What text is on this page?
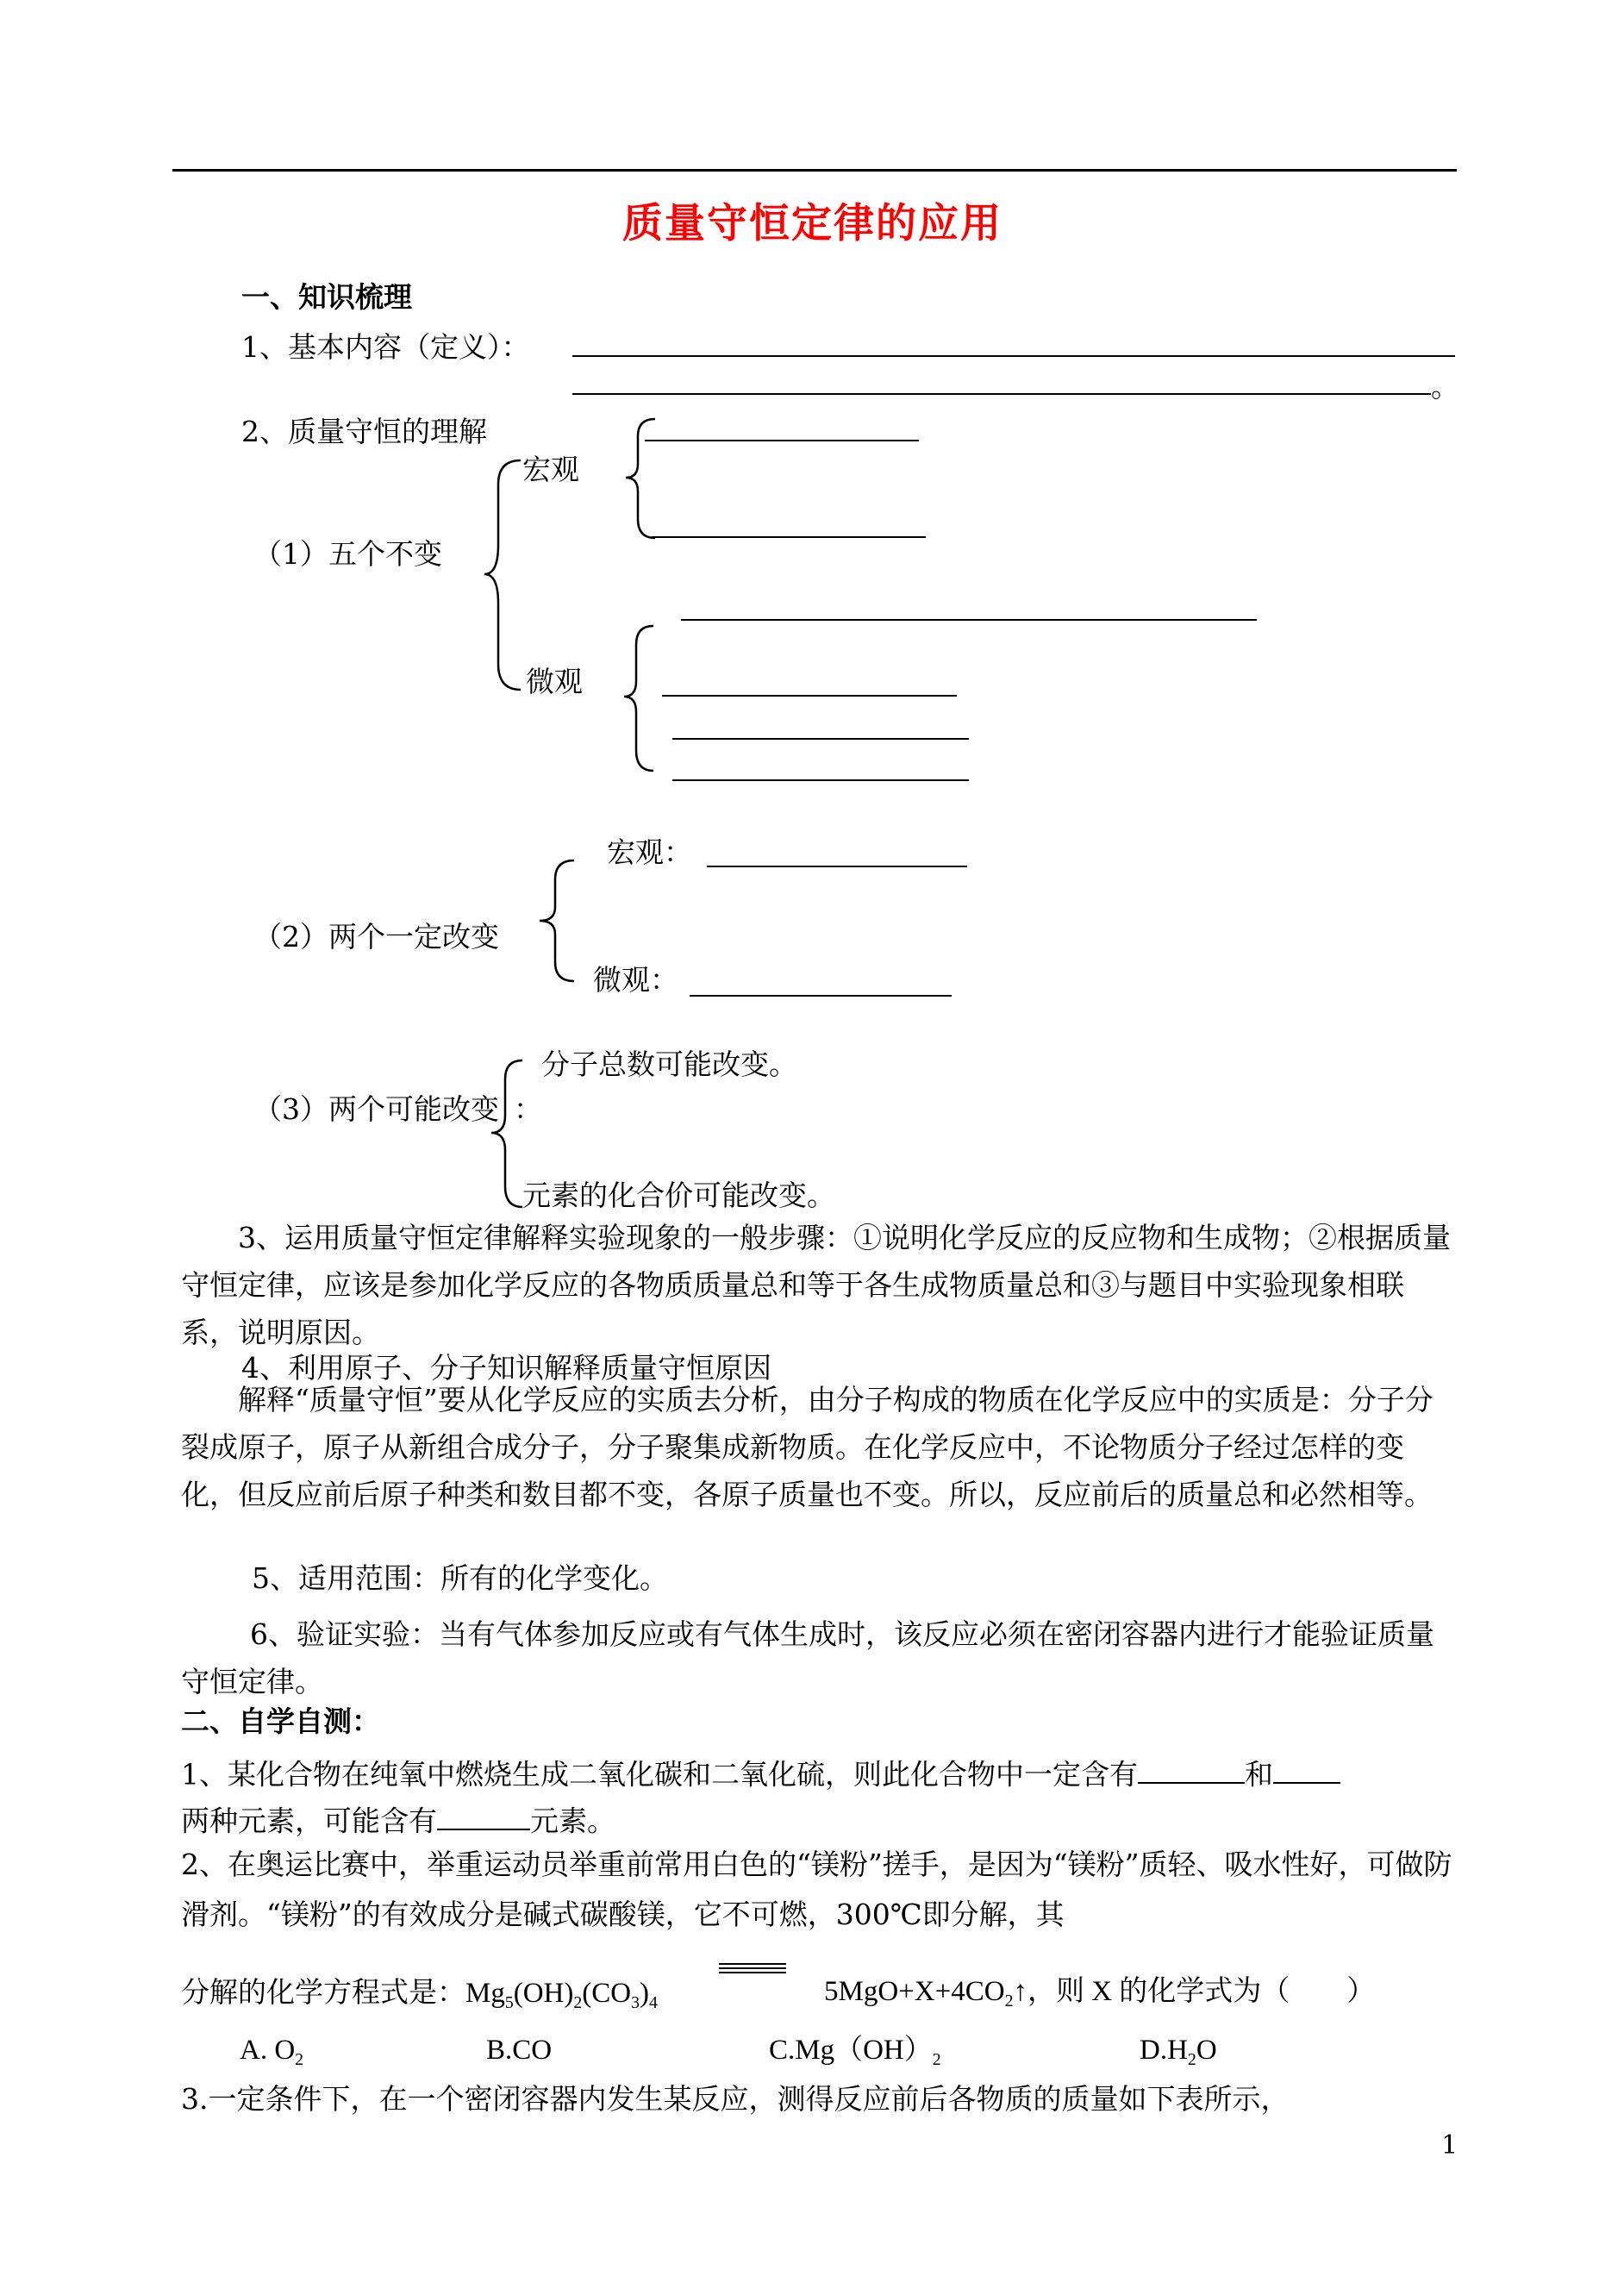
质量守恒定律的应用
一、知识梳理
1、基本内容（定义）：
。
2、质量守恒的理解
（1）五个不变
宏观
微观
宏观：
（2）两个一定改变
微观：
分子总数可能改变。
（3）两个可能改变 ：
元素的化合价可能改变。
3、运用质量守恒定律解释实验现象的一般步骤：①说明化学反应的反应物和生成物；②根据质量守恒定律，应该是参加化学反应的各物质质量总和等于各生成物质量总和③与题目中实验现象相联系，说明原因。
4、利用原子、分子知识解释质量守恒原因
解释“质量守恒”要从化学反应的实质去分析，由分子构成的物质在化学反应中的实质是：分子分裂成原子，原子从新组合成分子，分子聚集成新物质。在化学反应中，不论物质分子经过怎样的变化，但反应前后原子种类和数目都不变，各原子质量也不变。所以，反应前后的质量总和必然相等。
5、适用范围：所有的化学变化。
6、验证实验：当有气体参加反应或有气体生成时，该反应必须在密闭容器内进行才能验证质量守恒定律。
二、自学自测：
1、某化合物在纯氧中燃烧生成二氧化碳和二氧化硫，则此化合物中一定含有	和
两种元素，可能含有	元素。
2、在奥运比赛中，举重运动员举重前常用白色的“镁粉”搓手，是因为“镁粉”质轻、吸水性好，可做防滑剂。“镁粉”的有效成分是碱式碳酸镁，它不可燃，300℃即分解，其
分解的化学方程式是：$Mg_5(OH)_2(CO_3)_4$	$5MgO+X+4CO_2↑$，则 X 的化学式为（　　）
A. $O_2$	B.CO	$C.Mg(OH)_2$	$D.H_2O$
3.一定条件下，在一个密闭容器内发生某反应，测得反应前后各物质的质量如下表所示，
1
